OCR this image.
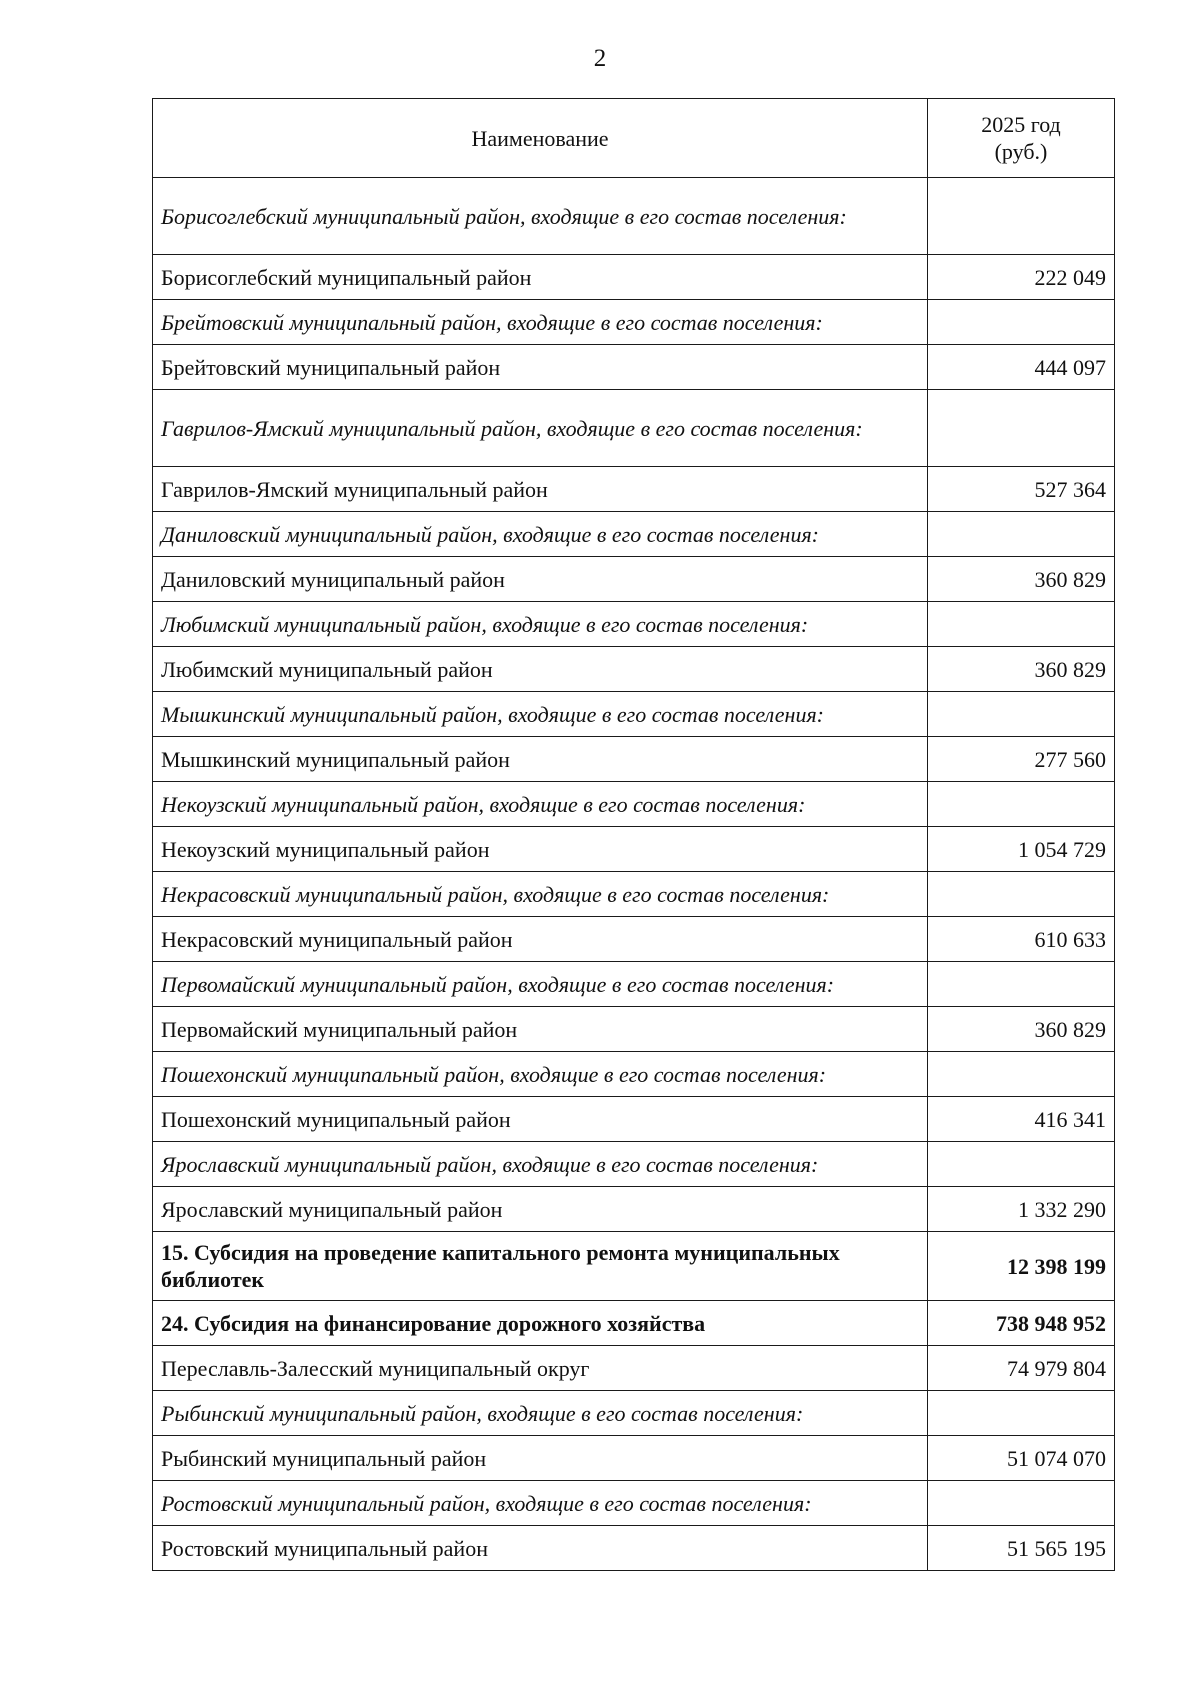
2
Наименование	2025 год
(руб.)
Борисоглебский муниципальный район, входящие в его состав поселения:	
Борисоглебский муниципальный район	222 049
Брейтовский муниципальный район, входящие в его состав поселения:	
Брейтовский муниципальный район	444 097
Гаврилов-Ямский муниципальный район, входящие в его состав поселения:	
Гаврилов-Ямский муниципальный район	527 364
Даниловский муниципальный район, входящие в его состав поселения:	
Даниловский муниципальный район	360 829
Любимский муниципальный район, входящие в его состав поселения:	
Любимский муниципальный район	360 829
Мышкинский муниципальный район, входящие в его состав поселения:	
Мышкинский муниципальный район	277 560
Некоузский муниципальный район, входящие в его состав поселения:	
Некоузский муниципальный район	1 054 729
Некрасовский муниципальный район, входящие в его состав поселения:	
Некрасовский муниципальный район	610 633
Первомайский муниципальный район, входящие в его состав поселения:	
Первомайский муниципальный район	360 829
Пошехонский муниципальный район, входящие в его состав поселения:	
Пошехонский муниципальный район	416 341
Ярославский муниципальный район, входящие в его состав поселения:	
Ярославский муниципальный район	1 332 290
15. Субсидия на проведение капитального ремонта муниципальных библиотек	12 398 199
24. Субсидия на финансирование дорожного хозяйства	738 948 952
Переславль-Залесский муниципальный округ	74 979 804
Рыбинский муниципальный район, входящие в его состав поселения:	
Рыбинский муниципальный район	51 074 070
Ростовский муниципальный район, входящие в его состав поселения:	
Ростовский муниципальный район	51 565 195
